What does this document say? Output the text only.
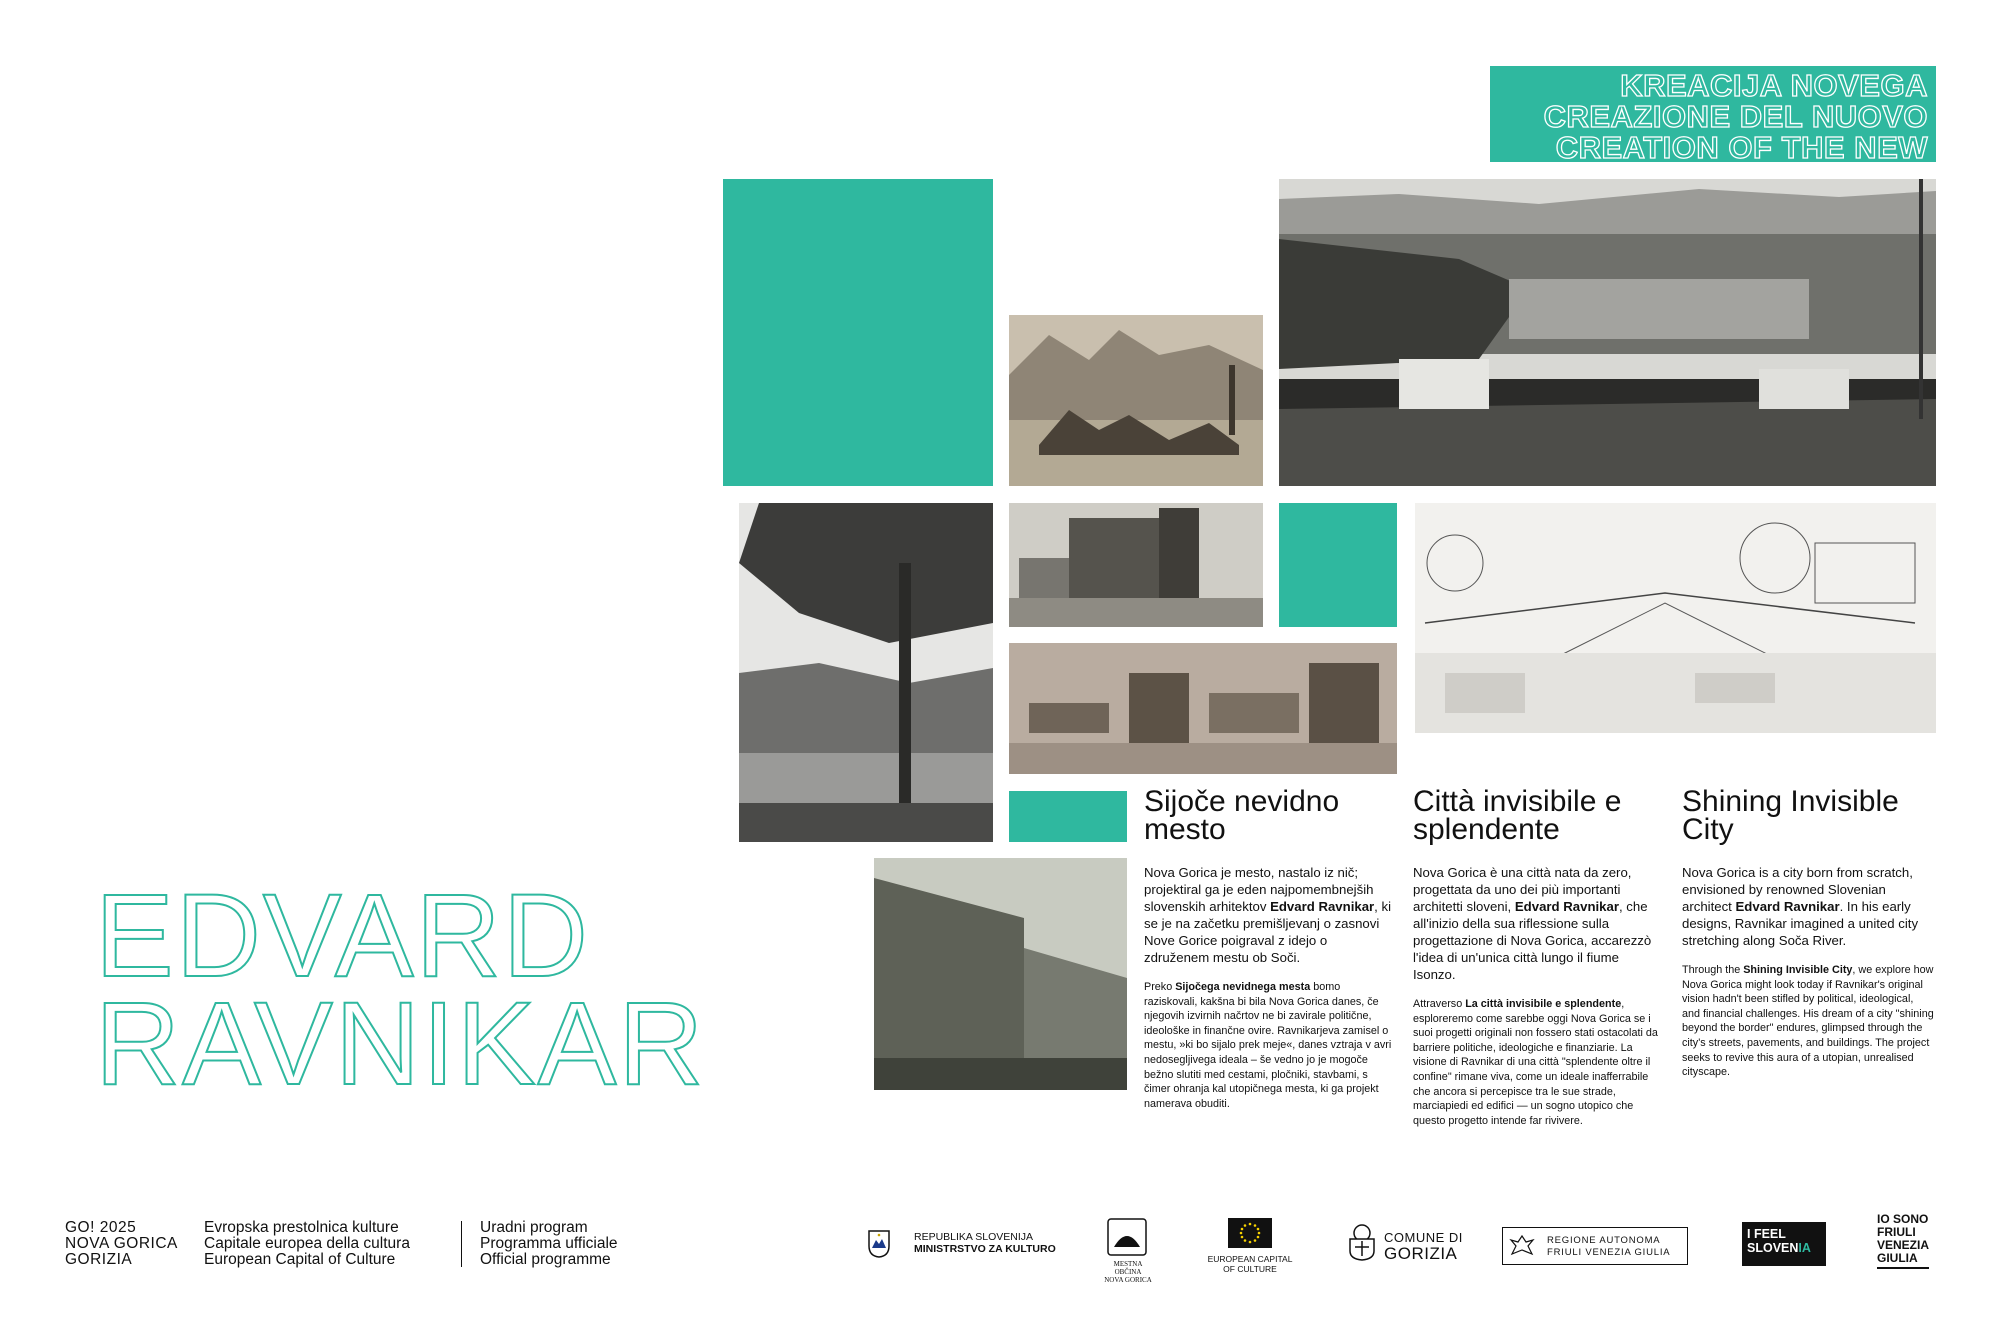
KREACIJA NOVEGA
CREAZIONE DEL NUOVO
CREATION OF THE NEW
EDVARD
RAVNIKAR
Sijoče nevidno mesto

Nova Gorica je mesto, nastalo iz nič; projektiral ga je eden najpomembnejših slovenskih arhitektov Edvard Ravnikar, ki se je na začetku premišljevanj o zasnovi Nove Gorice poigraval z idejo o združenem mestu ob Soči.

Preko Sijočega nevidnega mesta bomo raziskovali, kakšna bi bila Nova Gorica danes, če njegovih izvirnih načrtov ne bi zavirale politične, ideološke in finančne ovire. Ravnikarjeva zamisel o mestu, »ki bo sijalo prek meje«, danes vztraja v avri nedosegljivega ideala – še vedno jo je mogoče bežno slutiti med cestami, pločniki, stavbami, s čimer ohranja kal utopičnega mesta, ki ga projekt namerava obuditi.

Città invisibile e splendente

Nova Gorica è una città nata da zero, progettata da uno dei più importanti architetti sloveni, Edvard Ravnikar, che all'inizio della sua riflessione sulla progettazione di Nova Gorica, accarezzò l'idea di un'unica città lungo il fiume Isonzo.

Attraverso La città invisibile e splendente, esploreremo come sarebbe oggi Nova Gorica se i suoi progetti originali non fossero stati ostacolati da barriere politiche, ideologiche e finanziarie. La visione di Ravnikar di una città "splendente oltre il confine" rimane viva, come un ideale inafferrabile che ancora si percepisce tra le sue strade, marciapiedi ed edifici — un sogno utopico che questo progetto intende far rivivere.

Shining Invisible City

Nova Gorica is a city born from scratch, envisioned by renowned Slovenian architect Edvard Ravnikar. In his early designs, Ravnikar imagined a united city stretching along Soča River.

Through the Shining Invisible City, we explore how Nova Gorica might look today if Ravnikar's original vision hadn't been stifled by political, ideological, and financial challenges. His dream of a city "shining beyond the border" endures, glimpsed through the city's streets, pavements, and buildings. The project seeks to revive this aura of a utopian, unrealised cityscape.

GO! 2025
NOVA GORICA
GORIZIA
Evropska prestolnica kulture
Capitale europea della cultura
European Capital of Culture
Uradni program
Programma ufficiale
Official programme
REPUBLIKA SLOVENIJA
MINISTRSTVO ZA KULTURO
MESTNA OBČINA
NOVA GORICA
EUROPEAN CAPITAL
OF CULTURE
COMUNE DI
GORIZIA
REGIONE AUTONOMA
FRIULI VENEZIA GIULIA
I FEEL
SLOVENIA
IO SONO
FRIULI
VENEZIA
GIULIA
